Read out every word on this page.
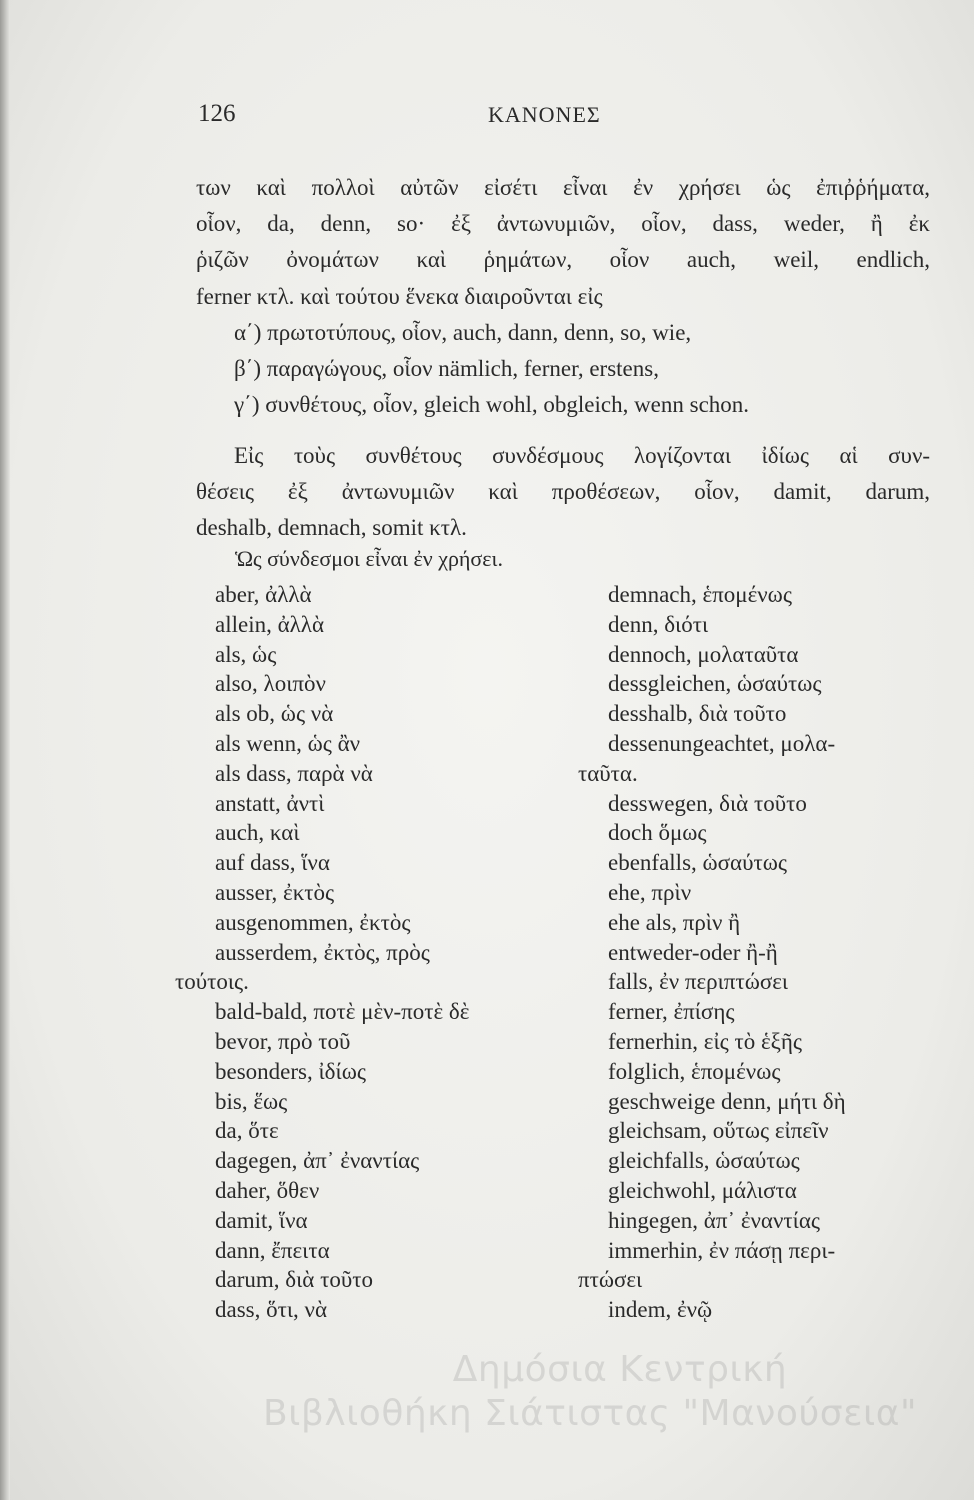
126	ΚΑΝΟΝΕΣ
των καὶ πολλοὶ αὐτῶν εἰσέτι εἶναι ἐν χρήσει ὡς ἐπιῤῥήματα,
οἷον, da, denn, so· ἐξ ἀντωνυμιῶν, οἷον, dass, weder, ἢ ἐκ
ῥιζῶν ὀνομάτων καὶ ῥημάτων, οἷον auch, weil, endlich,
ferner κτλ. καὶ τούτου ἕνεκα διαιροῦνται εἰς
α΄) πρωτοτύπους, οἷον, auch, dann, denn, so, wie,
β΄) παραγώγους, οἷον nämlich, ferner, erstens,
γ΄) συνθέτους, οἷον, gleich wohl, obgleich, wenn schon.
Εἰς τοὺς συνθέτους συνδέσμους λογίζονται ἰδίως αἱ συν-
θέσεις ἐξ ἀντωνυμιῶν καὶ προθέσεων, οἷον, damit, darum,
deshalb, demnach, somit κτλ.
Ὡς σύνδεσμοι εἶναι ἐν χρήσει.
aber, ἀλλὰ
allein, ἀλλὰ
als, ὡς
also, λοιπὸν
als ob, ὡς νὰ
als wenn, ὡς ἂν
als dass, παρὰ νὰ
anstatt, ἀντὶ
auch, καὶ
auf dass, ἵνα
ausser, ἐκτὸς
ausgenommen, ἐκτὸς
ausserdem, ἐκτὸς, πρὸς
τούτοις.
bald-bald, ποτὲ μὲν-ποτὲ δὲ
bevor, πρὸ τοῦ
besonders, ἰδίως
bis, ἕως
da, ὅτε
dagegen, ἀπ᾽ ἐναντίας
daher, ὅθεν
damit, ἵνα
dann, ἔπειτα
darum, διὰ τοῦτο
dass, ὅτι, νὰ
demnach, ἑπομένως
denn, διότι
dennoch, μολαταῦτα
dessgleichen, ὡσαύτως
desshalb, διὰ τοῦτο
dessenungeachtet, μολα-
ταῦτα.
desswegen, διὰ τοῦτο
doch ὅμως
ebenfalls, ὡσαύτως
ehe, πρὶν
ehe als, πρὶν ἢ
entweder-oder ἢ-ἢ
falls, ἐν περιπτώσει
ferner, ἐπίσης
fernerhin, εἰς τὸ ἑξῆς
folglich, ἑπομένως
geschweige denn, μήτι δὴ
gleichsam, οὕτως εἰπεῖν
gleichfalls, ὡσαύτως
gleichwohl, μάλιστα
hingegen, ἀπ᾽ ἐναντίας
immerhin, ἐν πάσῃ περι-
πτώσει
indem, ἐνῷ
Δημόσια Κεντρική
Βιβλιοθήκη Σιάτιστας "Μανούσεια"
